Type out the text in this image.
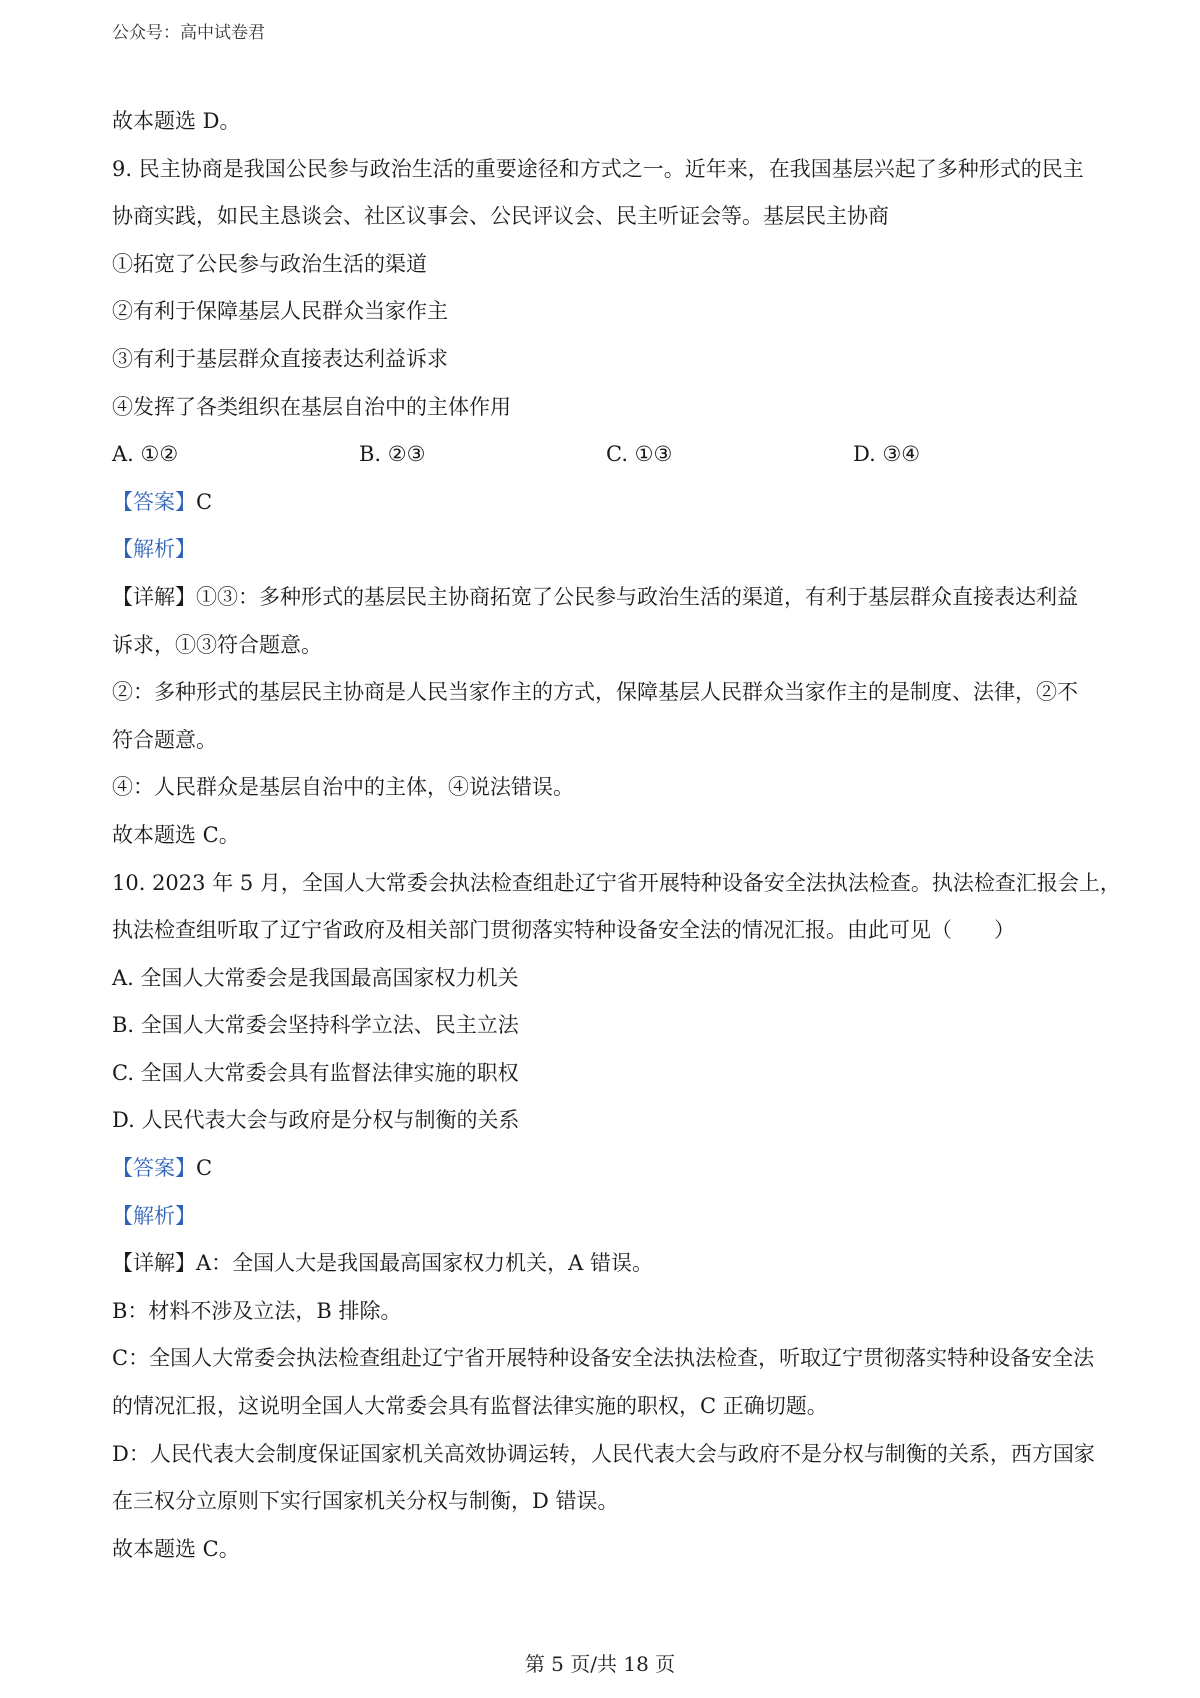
公众号：高中试卷君
故本题选 D。
9. 民主协商是我国公民参与政治生活的重要途径和方式之一。近年来，在我国基层兴起了多种形式的民主
协商实践，如民主恳谈会、社区议事会、公民评议会、民主听证会等。基层民主协商
①拓宽了公民参与政治生活的渠道
②有利于保障基层人民群众当家作主
③有利于基层群众直接表达利益诉求
④发挥了各类组织在基层自治中的主体作用
A. ①②	B. ②③	C. ①③	D. ③④
【答案】C
【解析】
【详解】①③：多种形式的基层民主协商拓宽了公民参与政治生活的渠道，有利于基层群众直接表达利益
诉求，①③符合题意。
②：多种形式的基层民主协商是人民当家作主的方式，保障基层人民群众当家作主的是制度、法律，②不
符合题意。
④：人民群众是基层自治中的主体，④说法错误。
故本题选 C。
10. 2023 年 5 月，全国人大常委会执法检查组赴辽宁省开展特种设备安全法执法检查。执法检查汇报会上，
执法检查组听取了辽宁省政府及相关部门贯彻落实特种设备安全法的情况汇报。由此可见（　　）
A. 全国人大常委会是我国最高国家权力机关
B. 全国人大常委会坚持科学立法、民主立法
C. 全国人大常委会具有监督法律实施的职权
D. 人民代表大会与政府是分权与制衡的关系
【答案】C
【解析】
【详解】A：全国人大是我国最高国家权力机关，A 错误。
B：材料不涉及立法，B 排除。
C：全国人大常委会执法检查组赴辽宁省开展特种设备安全法执法检查，听取辽宁贯彻落实特种设备安全法
的情况汇报，这说明全国人大常委会具有监督法律实施的职权，C 正确切题。
D：人民代表大会制度保证国家机关高效协调运转，人民代表大会与政府不是分权与制衡的关系，西方国家
在三权分立原则下实行国家机关分权与制衡，D 错误。
故本题选 C。
第 5 页/共 18 页
